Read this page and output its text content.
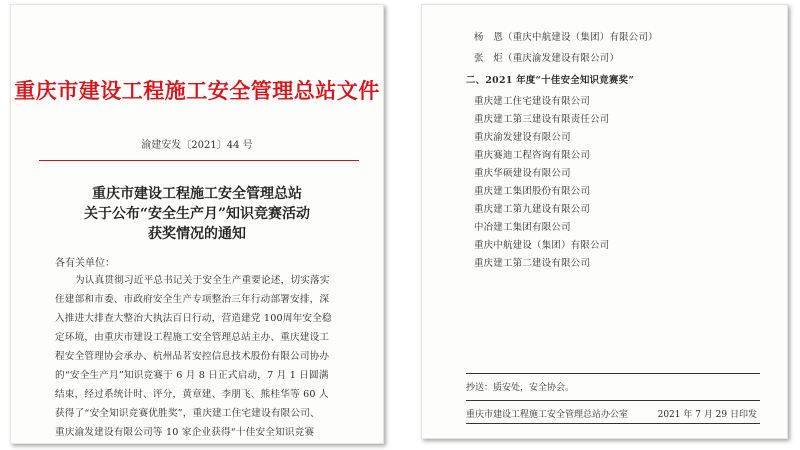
重庆市建设工程施工安全管理总站文件
渝建安发〔2021〕44 号
重庆市建设工程施工安全管理总站
关于公布“安全生产月”知识竞赛活动
获奖情况的通知
各有关单位：
为认真贯彻习近平总书记关于安全生产重要论述，切实落实
住建部和市委、市政府安全生产专项整治三年行动部署安排，深
入推进大排查大整治大执法百日行动，营造建党 100周年安全稳
定环境，由重庆市建设工程施工安全管理总站主办、重庆建设工
程安全管理协会承办、杭州品茗安控信息技术股份有限公司协办
的“安全生产月”知识竞赛于 6 月 8 日正式启动，7 月 1 日圆满
结束，经过系统计时、评分，黄章建、李朋飞、熊桂华等 60 人
获得了“安全知识竞赛优胜奖”，重庆建工住宅建设有限公司、
重庆渝发建设有限公司等 10 家企业获得“十佳安全知识竞赛
杨　恩（重庆中航建设（集团）有限公司）
张　炬（重庆渝发建设有限公司）
二、2021 年度“十佳安全知识竞赛奖”
重庆建工住宅建设有限公司
重庆建工第三建设有限责任公司
重庆渝发建设有限公司
重庆赛迪工程咨询有限公司
重庆华硕建设有限公司
重庆建工集团股份有限公司
重庆建工第九建设有限公司
中冶建工集团有限公司
重庆中航建设（集团）有限公司
重庆建工第二建设有限公司
抄送：质安处，安全协会。
重庆市建设工程施工安全管理总站办公室	2021 年 7 月 29 日印发
